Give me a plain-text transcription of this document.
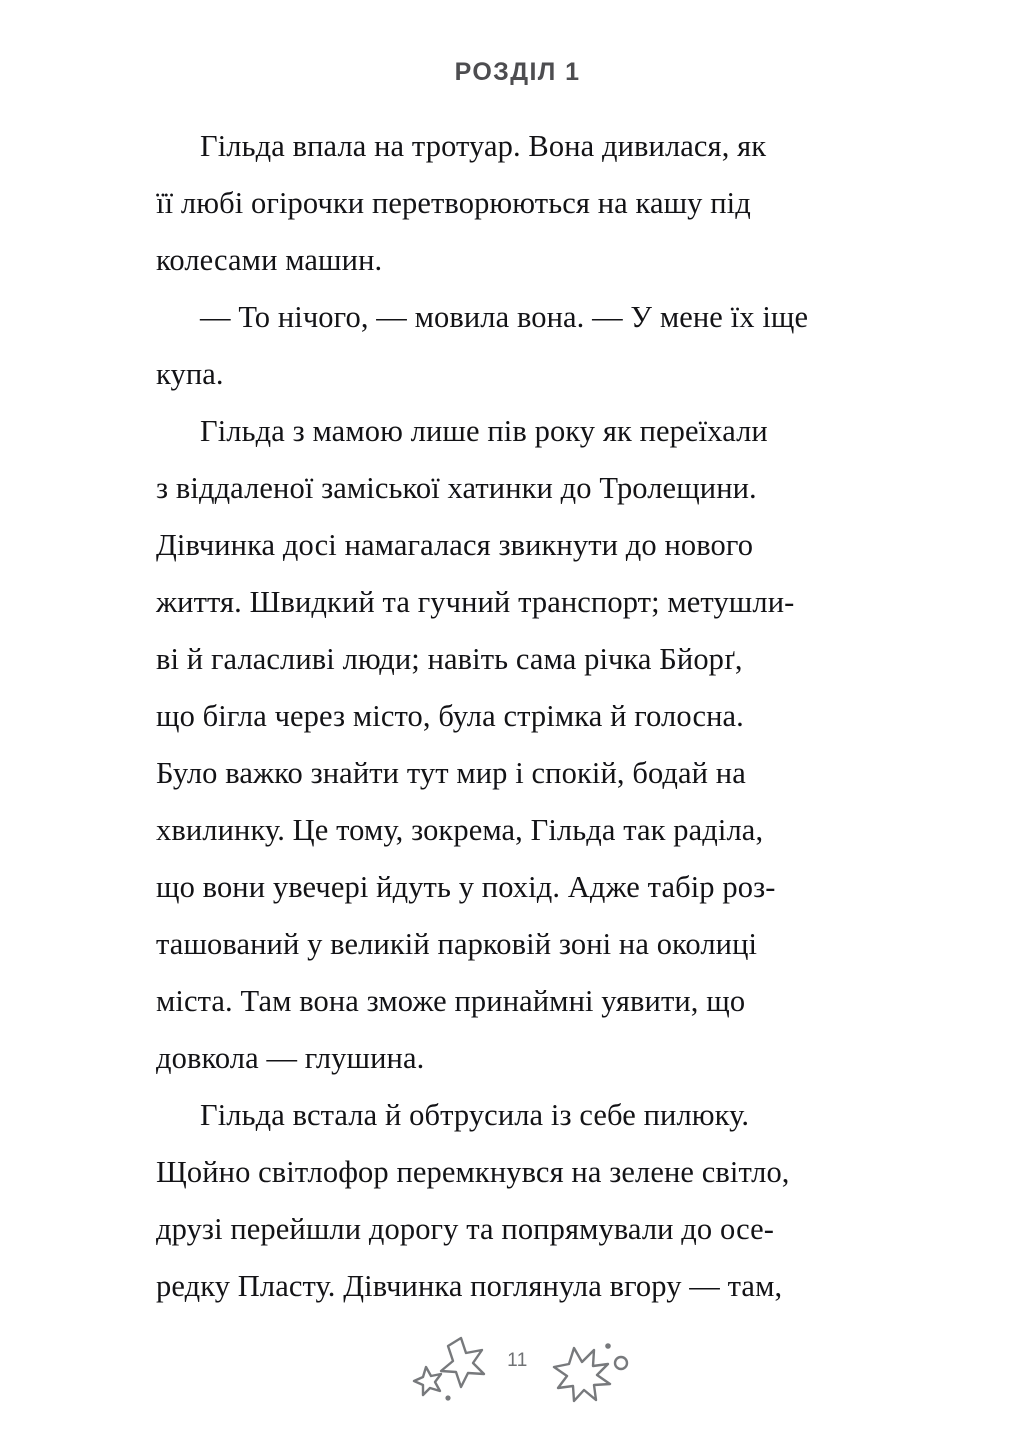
РОЗДІЛ 1

Гільда впала на тротуар. Вона дивилася, як
її любі огірочки перетворюються на кашу під
колесами машин.

— То нічого, — мовила вона. — У мене їх іще
купа.

Гільда з мамою лише пів року як переїхали
з віддаленої заміської хатинки до Тролещини.
Дівчинка досі намагалася звикнути до нового
життя. Швидкий та гучний транспорт; метушли-
ві й галасливі люди; навіть сама річка Бйорґ,
що бігла через місто, була стрімка й голосна.
Було важко знайти тут мир і спокій, бодай на
хвилинку. Це тому, зокрема, Гільда так раділа,
що вони увечері йдуть у похід. Адже табір роз-
ташований у великій парковій зоні на околиці
міста. Там вона зможе принаймні уявити, що
довкола — глушина.

Гільда встала й обтрусила із себе пилюку.
Щойно світлофор перемкнувся на зелене світло,
друзі перейшли дорогу та попрямували до осе-
редку Пласту. Дівчинка поглянула вгору — там,

11
